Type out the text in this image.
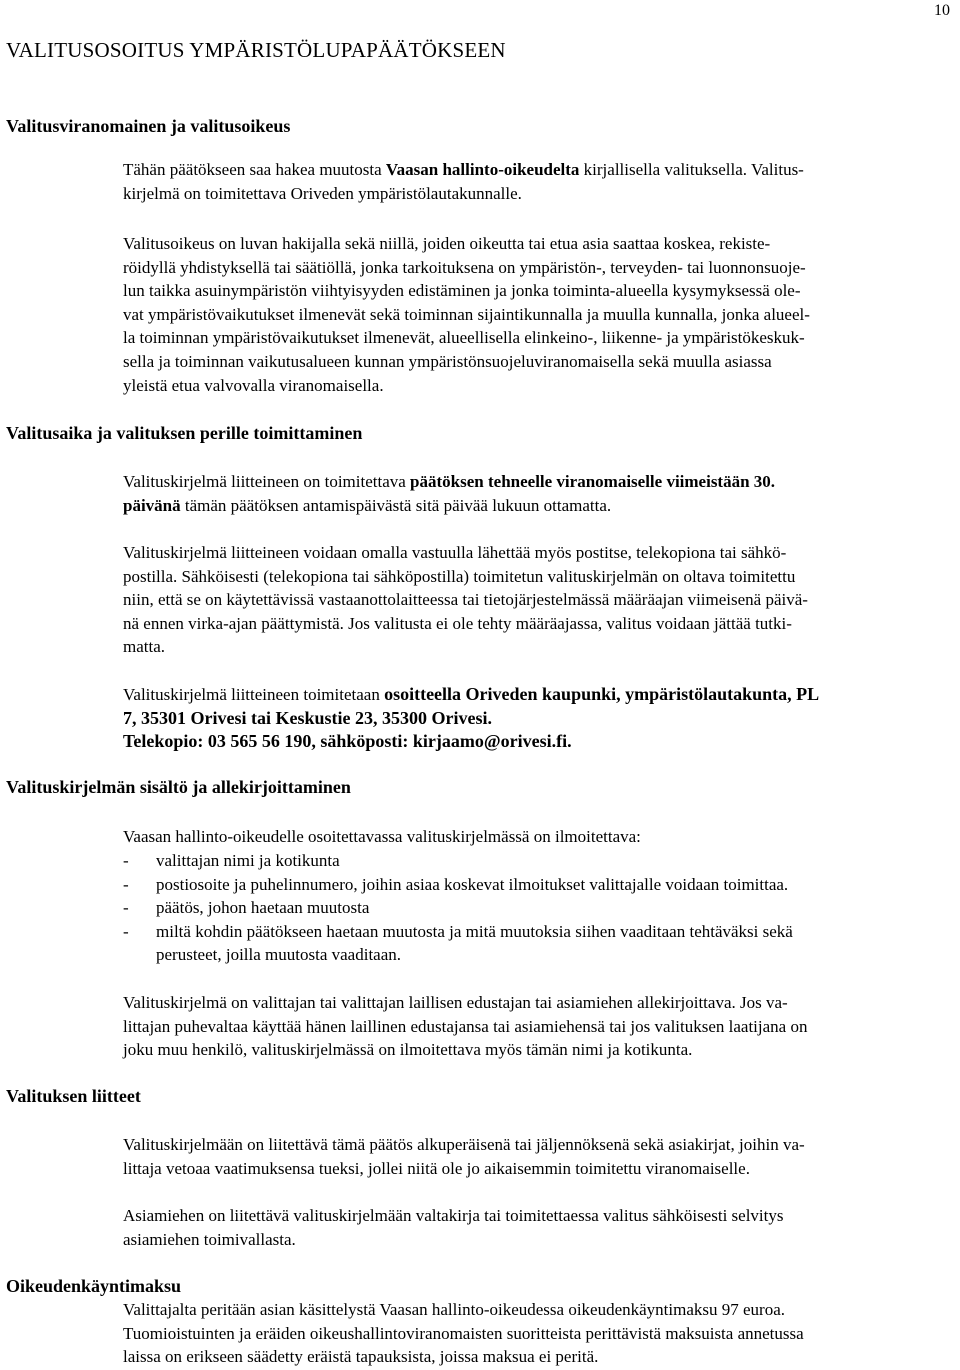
10
VALITUSOSOITUS YMPÄRISTÖLUPAPÄÄTÖKSEEN
Valitusviranomainen ja valitusoikeus
Tähän päätökseen saa hakea muutosta Vaasan hallinto-oikeudelta kirjallisella valituksella. Valitus-
kirjelmä on toimitettava Oriveden ympäristölautakunnalle.
Valitusoikeus on luvan hakijalla sekä niillä, joiden oikeutta tai etua asia saattaa koskea, rekiste-
röidyllä yhdistyksellä tai säätiöllä, jonka tarkoituksena on ympäristön-, terveyden- tai luonnonsuoje-
lun taikka asuinympäristön viihtyisyyden edistäminen ja jonka toiminta-alueella kysymyksessä ole-
vat ympäristövaikutukset ilmenevät sekä toiminnan sijaintikunnalla ja muulla kunnalla, jonka alueel-
la toiminnan ympäristövaikutukset ilmenevät, alueellisella elinkeino-, liikenne- ja ympäristökeskuk-
sella ja toiminnan vaikutusalueen kunnan ympäristönsuojeluviranomaisella sekä muulla asiassa
yleistä etua valvovalla viranomaisella.
Valitusaika ja valituksen perille toimittaminen
Valituskirjelmä liitteineen on toimitettava päätöksen tehneelle viranomaiselle viimeistään 30.
päivänä tämän päätöksen antamispäivästä sitä päivää lukuun ottamatta.
Valituskirjelmä liitteineen voidaan omalla vastuulla lähettää myös postitse, telekopiona tai sähkö-
postilla. Sähköisesti (telekopiona tai sähköpostilla) toimitetun valituskirjelmän on oltava toimitettu
niin, että se on käytettävissä vastaanottolaitteessa tai tietojärjestelmässä määräajan viimeisenä päivä-
nä ennen virka-ajan päättymistä. Jos valitusta ei ole tehty määräajassa, valitus voidaan jättää tutki-
matta.
Valituskirjelmä liitteineen toimitetaan osoitteella Oriveden kaupunki, ympäristölautakunta, PL
7, 35301 Orivesi tai Keskustie 23, 35300 Orivesi.
Telekopio: 03 565 56 190, sähköposti: kirjaamo@orivesi.fi.
Valituskirjelmän sisältö ja allekirjoittaminen
Vaasan hallinto-oikeudelle osoitettavassa valituskirjelmässä on ilmoitettava:
- valittajan nimi ja kotikunta
- postiosoite ja puhelinnumero, joihin asiaa koskevat ilmoitukset valittajalle voidaan toimittaa.
- päätös, johon haetaan muutosta
- miltä kohdin päätökseen haetaan muutosta ja mitä muutoksia siihen vaaditaan tehtäväksi sekä
perusteet, joilla muutosta vaaditaan.
Valituskirjelmä on valittajan tai valittajan laillisen edustajan tai asiamiehen allekirjoittava. Jos va-
littajan puhevaltaa käyttää hänen laillinen edustajansa tai asiamiehensä tai jos valituksen laatijana on
joku muu henkilö, valituskirjelmässä on ilmoitettava myös tämän nimi ja kotikunta.
Valituksen liitteet
Valituskirjelmään on liitettävä tämä päätös alkuperäisenä tai jäljennöksenä sekä asiakirjat, joihin va-
littaja vetoaa vaatimuksensa tueksi, jollei niitä ole jo aikaisemmin toimitettu viranomaiselle.
Asiamiehen on liitettävä valituskirjelmään valtakirja tai toimitettaessa valitus sähköisesti selvitys
asiamiehen toimivallasta.
Oikeudenkäyntimaksu
Valittajalta peritään asian käsittelystä Vaasan hallinto-oikeudessa oikeudenkäyntimaksu 97 euroa.
Tuomioistuinten ja eräiden oikeushallintoviranomaisten suoritteista perittävistä maksuista annetussa
laissa on erikseen säädetty eräistä tapauksista, joissa maksua ei peritä.
